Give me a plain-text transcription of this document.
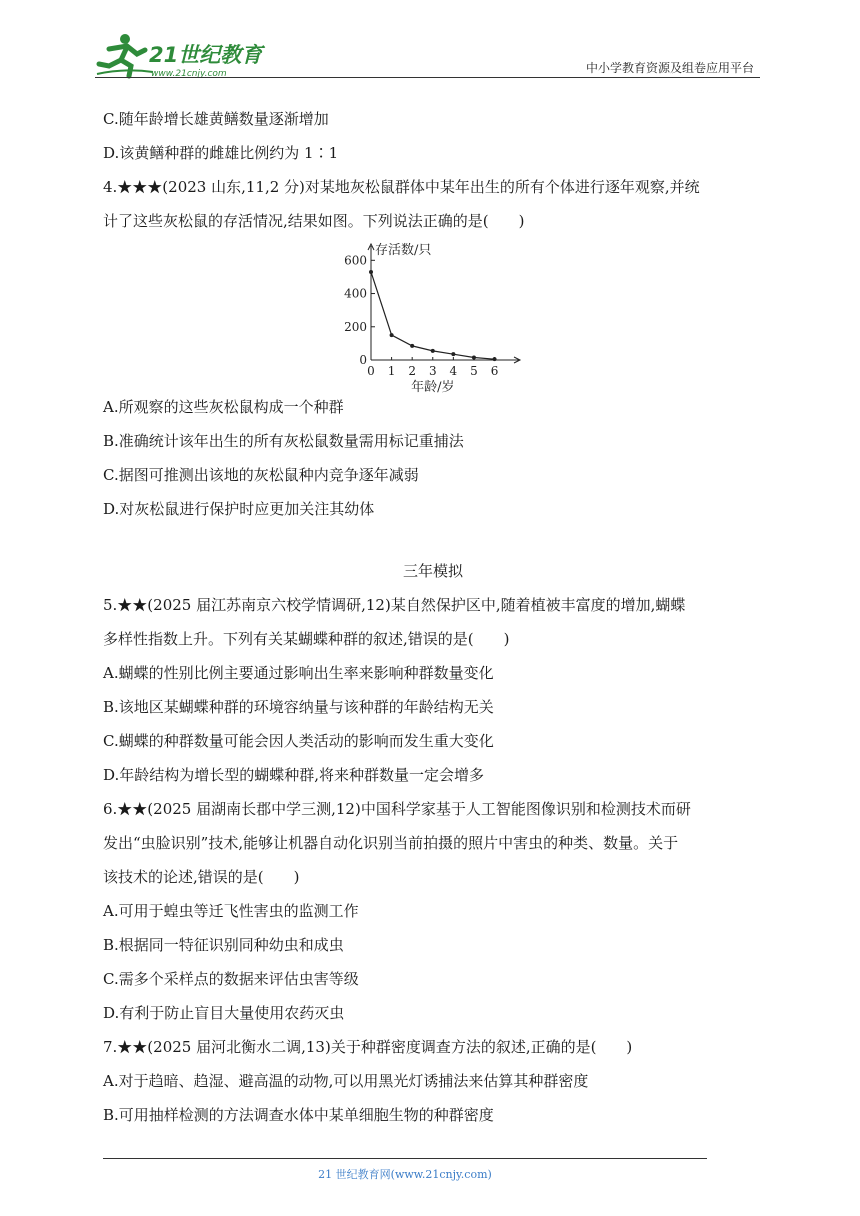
21世纪教育
www.21cnjy.com	中小学教育资源及组卷应用平台
C.随年龄增长雄黄鳝数量逐渐增加
D.该黄鳝种群的雌雄比例约为 1∶1
4.★★★(2023 山东,11,2 分)对某地灰松鼠群体中某年出生的所有个体进行逐年观察,并统
计了这些灰松鼠的存活情况,结果如图。下列说法正确的是(　　)
0
200
400
600
0 1 2 3 4 5 6
存活数/只
年龄/岁
A.所观察的这些灰松鼠构成一个种群
B.准确统计该年出生的所有灰松鼠数量需用标记重捕法
C.据图可推测出该地的灰松鼠种内竞争逐年减弱
D.对灰松鼠进行保护时应更加关注其幼体
三年模拟
5.★★(2025 届江苏南京六校学情调研,12)某自然保护区中,随着植被丰富度的增加,蝴蝶
多样性指数上升。下列有关某蝴蝶种群的叙述,错误的是(　　)
A.蝴蝶的性别比例主要通过影响出生率来影响种群数量变化
B.该地区某蝴蝶种群的环境容纳量与该种群的年龄结构无关
C.蝴蝶的种群数量可能会因人类活动的影响而发生重大变化
D.年龄结构为增长型的蝴蝶种群,将来种群数量一定会增多
6.★★(2025 届湖南长郡中学三测,12)中国科学家基于人工智能图像识别和检测技术而研
发出“虫脸识别”技术,能够让机器自动化识别当前拍摄的照片中害虫的种类、数量。关于
该技术的论述,错误的是(　　)
A.可用于蝗虫等迁飞性害虫的监测工作
B.根据同一特征识别同种幼虫和成虫
C.需多个采样点的数据来评估虫害等级
D.有利于防止盲目大量使用农药灭虫
7.★★(2025 届河北衡水二调,13)关于种群密度调查方法的叙述,正确的是(　　)
A.对于趋暗、趋湿、避高温的动物,可以用黑光灯诱捕法来估算其种群密度
B.可用抽样检测的方法调查水体中某单细胞生物的种群密度
21 世纪教育网(www.21cnjy.com)
